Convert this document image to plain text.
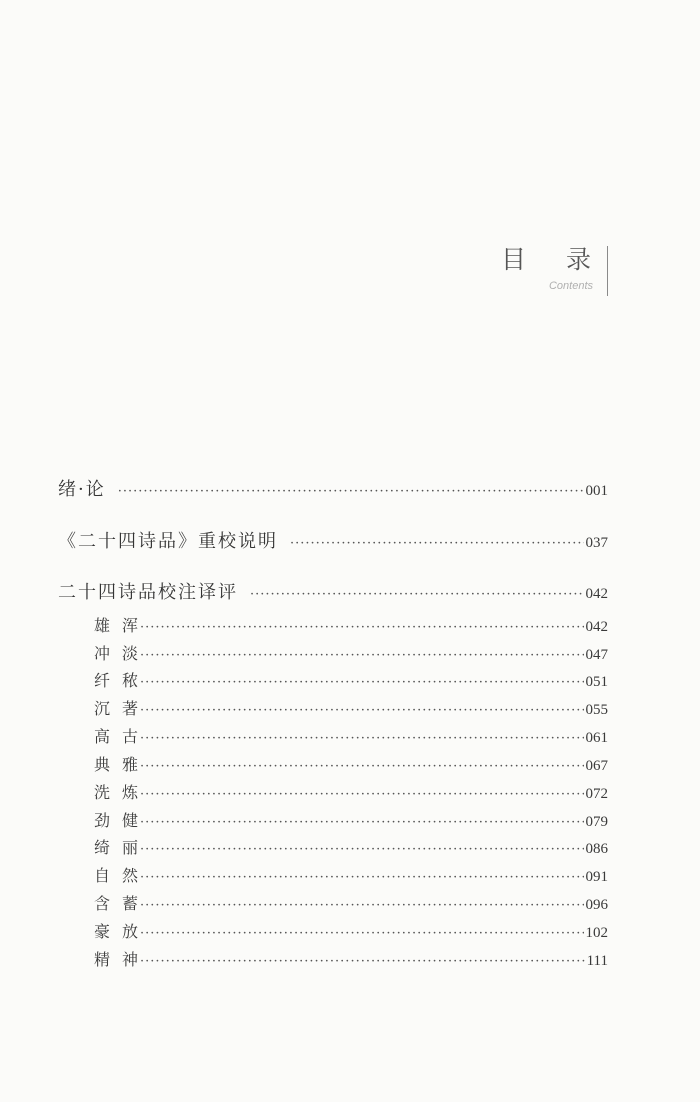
目 录
Contents
绪·论 ·····	001
《二十四诗品》重校说明 ·····	037
二十四诗品校注译评 ·····	042
雄浑 ·····	042
冲淡 ·····	047
纤秾 ·····	051
沉著 ·····	055
高古 ·····	061
典雅 ·····	067
洗炼 ·····	072
劲健 ·····	079
绮丽 ·····	086
自然 ·····	091
含蓄 ·····	096
豪放 ·····	102
精神 ·····	111
